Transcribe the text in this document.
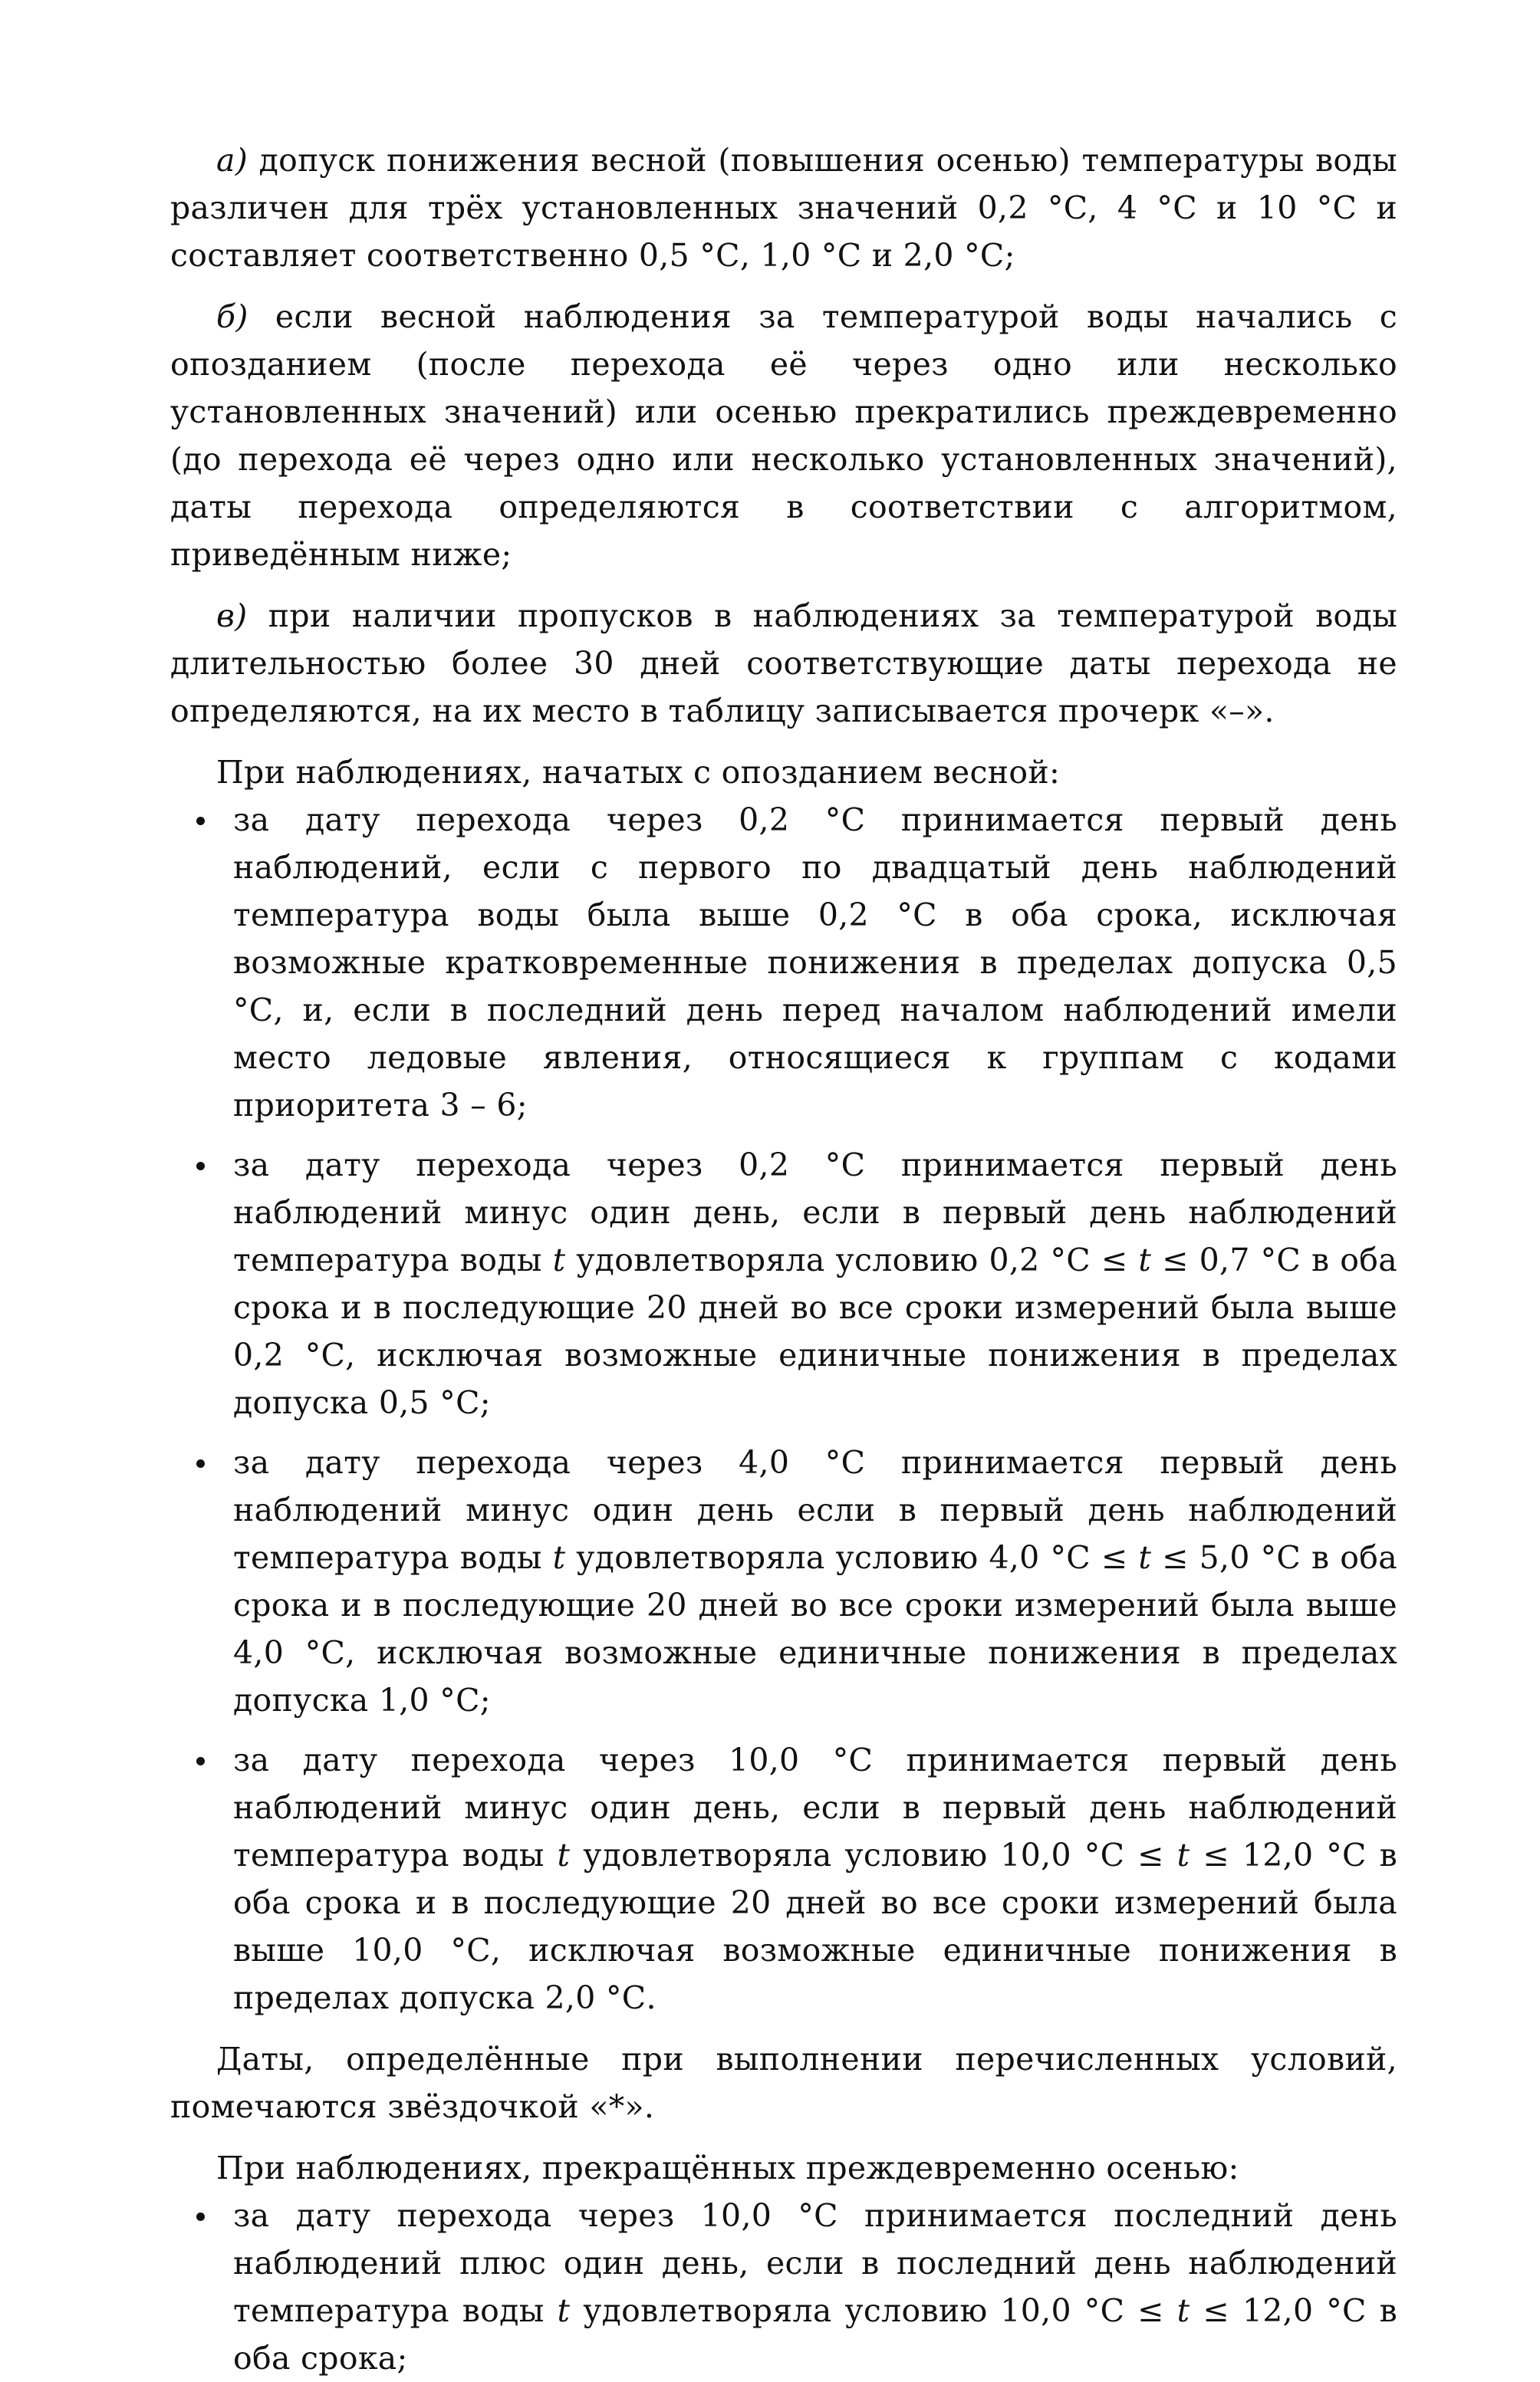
а) допуск понижения весной (повышения осенью) температуры воды различен для трёх установленных значений 0,2 °С, 4 °С и 10 °С и составляет соответственно 0,5 °С, 1,0 °С и 2,0 °С;

б) если весной наблюдения за температурой воды начались с опозданием (после перехода её через одно или несколько установленных значений) или осенью прекратились преждевременно (до перехода её через одно или несколько установленных значений), даты перехода определяются в соответствии с алгоритмом, приведённым ниже;

в) при наличии пропусков в наблюдениях за температурой воды длительностью более 30 дней соответствующие даты перехода не определяются, на их место в таблицу записывается прочерк «–».

При наблюдениях, начатых с опозданием весной:

за дату перехода через 0,2 °С принимается первый день наблюдений, если с первого по двадцатый день наблюдений температура воды была выше 0,2 °С в оба срока, исключая возможные кратковременные понижения в пределах допуска 0,5 °С, и, если в последний день перед началом наблюдений имели место ледовые явления, относящиеся к группам с кодами приоритета 3 – 6;
за дату перехода через 0,2 °С принимается первый день наблюдений минус один день, если в первый день наблюдений температура воды t удовлетворяла условию 0,2 °С ≤ t ≤ 0,7 °С в оба срока и в последующие 20 дней во все сроки измерений была выше 0,2 °С, исключая возможные единичные понижения в пределах допуска 0,5 °С;
за дату перехода через 4,0 °С принимается первый день наблюдений минус один день если в первый день наблюдений температура воды t удовлетворяла условию 4,0 °С ≤ t ≤ 5,0 °С в оба срока и в последующие 20 дней во все сроки измерений была выше 4,0 °С, исключая возможные единичные понижения в пределах допуска 1,0 °С;
за дату перехода через 10,0 °С принимается первый день наблюдений минус один день, если в первый день наблюдений температура воды t удовлетворяла условию 10,0 °С ≤ t ≤ 12,0 °С в оба срока и в последующие 20 дней во все сроки измерений была выше 10,0 °С, исключая возможные единичные понижения в пределах допуска 2,0 °С.

Даты, определённые при выполнении перечисленных условий, помечаются звёздочкой «*».

При наблюдениях, прекращённых преждевременно осенью:

за дату перехода через 10,0 °С принимается последний день наблюдений плюс один день, если в последний день наблюдений температура воды t удовлетворяла условию 10,0 °С ≤ t ≤ 12,0 °С в оба срока;
